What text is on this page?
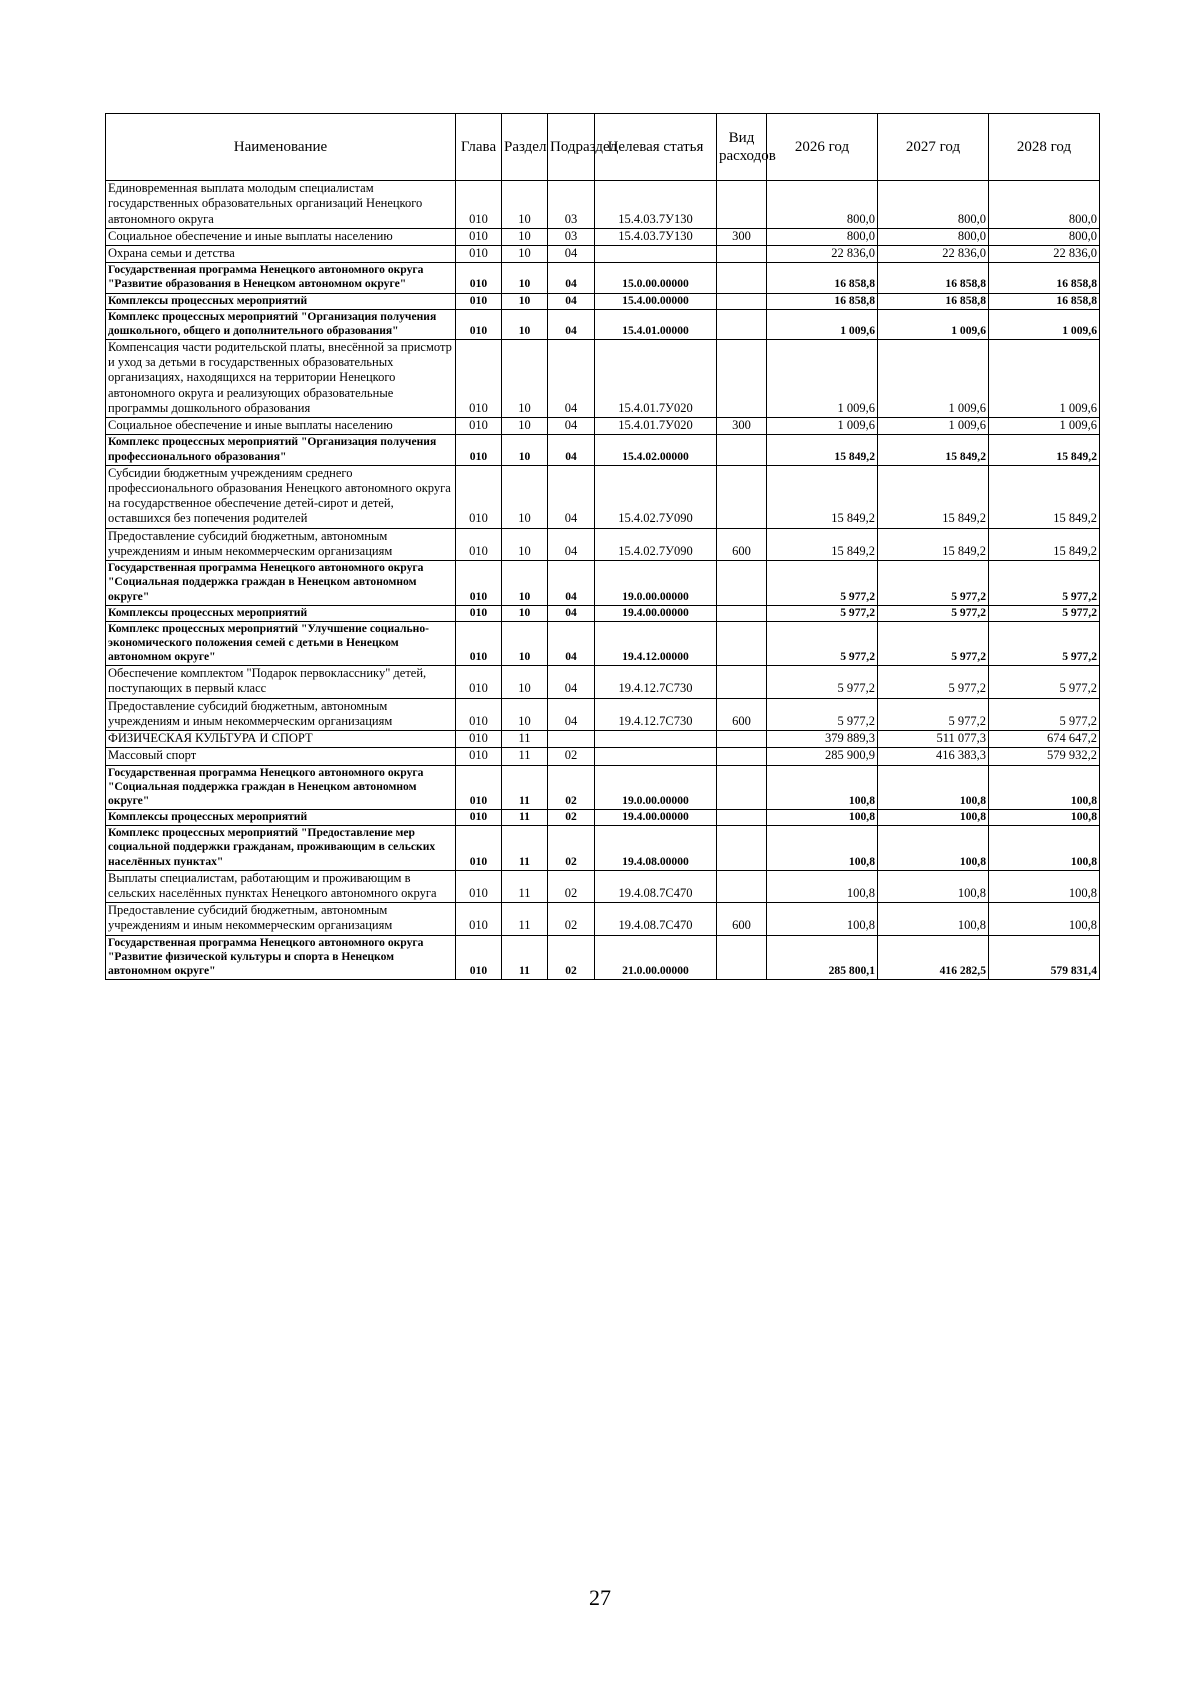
Наименование	Глава	Раздел	Подраздел	Целевая статья	Вид расходов	2026 год	2027 год	2028 год
Единовременная выплата молодым специалистам государственных образовательных организаций Ненецкого автономного округа	010	10	03	15.4.03.7У130		800,0	800,0	800,0
Социальное обеспечение и иные выплаты населению	010	10	03	15.4.03.7У130	300	800,0	800,0	800,0
Охрана семьи и детства	010	10	04			22 836,0	22 836,0	22 836,0
Государственная программа Ненецкого автономного округа "Развитие образования в Ненецком автономном округе"	010	10	04	15.0.00.00000		16 858,8	16 858,8	16 858,8
Комплексы процессных мероприятий	010	10	04	15.4.00.00000		16 858,8	16 858,8	16 858,8
Комплекс процессных мероприятий "Организация получения дошкольного, общего и дополнительного образования"	010	10	04	15.4.01.00000		1 009,6	1 009,6	1 009,6
Компенсация части родительской платы, внесённой за присмотр и уход за детьми в государственных образовательных организациях, находящихся на территории Ненецкого автономного округа и реализующих образовательные программы дошкольного образования	010	10	04	15.4.01.7У020		1 009,6	1 009,6	1 009,6
Социальное обеспечение и иные выплаты населению	010	10	04	15.4.01.7У020	300	1 009,6	1 009,6	1 009,6
Комплекс процессных мероприятий "Организация получения профессионального образования"	010	10	04	15.4.02.00000		15 849,2	15 849,2	15 849,2
Субсидии бюджетным учреждениям среднего профессионального образования Ненецкого автономного округа на государственное обеспечение детей-сирот и детей, оставшихся без попечения родителей	010	10	04	15.4.02.7У090		15 849,2	15 849,2	15 849,2
Предоставление субсидий бюджетным, автономным учреждениям и иным некоммерческим организациям	010	10	04	15.4.02.7У090	600	15 849,2	15 849,2	15 849,2
Государственная программа Ненецкого автономного округа "Социальная поддержка граждан в Ненецком автономном округе"	010	10	04	19.0.00.00000		5 977,2	5 977,2	5 977,2
Комплексы процессных мероприятий	010	10	04	19.4.00.00000		5 977,2	5 977,2	5 977,2
Комплекс процессных мероприятий "Улучшение социально-экономического положения семей с детьми в Ненецком автономном округе"	010	10	04	19.4.12.00000		5 977,2	5 977,2	5 977,2
Обеспечение комплектом "Подарок первокласснику" детей, поступающих в первый класс	010	10	04	19.4.12.7С730		5 977,2	5 977,2	5 977,2
Предоставление субсидий бюджетным, автономным учреждениям и иным некоммерческим организациям	010	10	04	19.4.12.7С730	600	5 977,2	5 977,2	5 977,2
ФИЗИЧЕСКАЯ КУЛЬТУРА И СПОРТ	010	11				379 889,3	511 077,3	674 647,2
Массовый спорт	010	11	02			285 900,9	416 383,3	579 932,2
Государственная программа Ненецкого автономного округа "Социальная поддержка граждан в Ненецком автономном округе"	010	11	02	19.0.00.00000		100,8	100,8	100,8
Комплексы процессных мероприятий	010	11	02	19.4.00.00000		100,8	100,8	100,8
Комплекс процессных мероприятий "Предоставление мер социальной поддержки гражданам, проживающим в сельских населённых пунктах"	010	11	02	19.4.08.00000		100,8	100,8	100,8
Выплаты специалистам, работающим и проживающим в сельских населённых пунктах Ненецкого автономного округа	010	11	02	19.4.08.7С470		100,8	100,8	100,8
Предоставление субсидий бюджетным, автономным учреждениям и иным некоммерческим организациям	010	11	02	19.4.08.7С470	600	100,8	100,8	100,8
Государственная программа Ненецкого автономного округа "Развитие физической культуры и спорта в Ненецком автономном округе"	010	11	02	21.0.00.00000		285 800,1	416 282,5	579 831,4
27
